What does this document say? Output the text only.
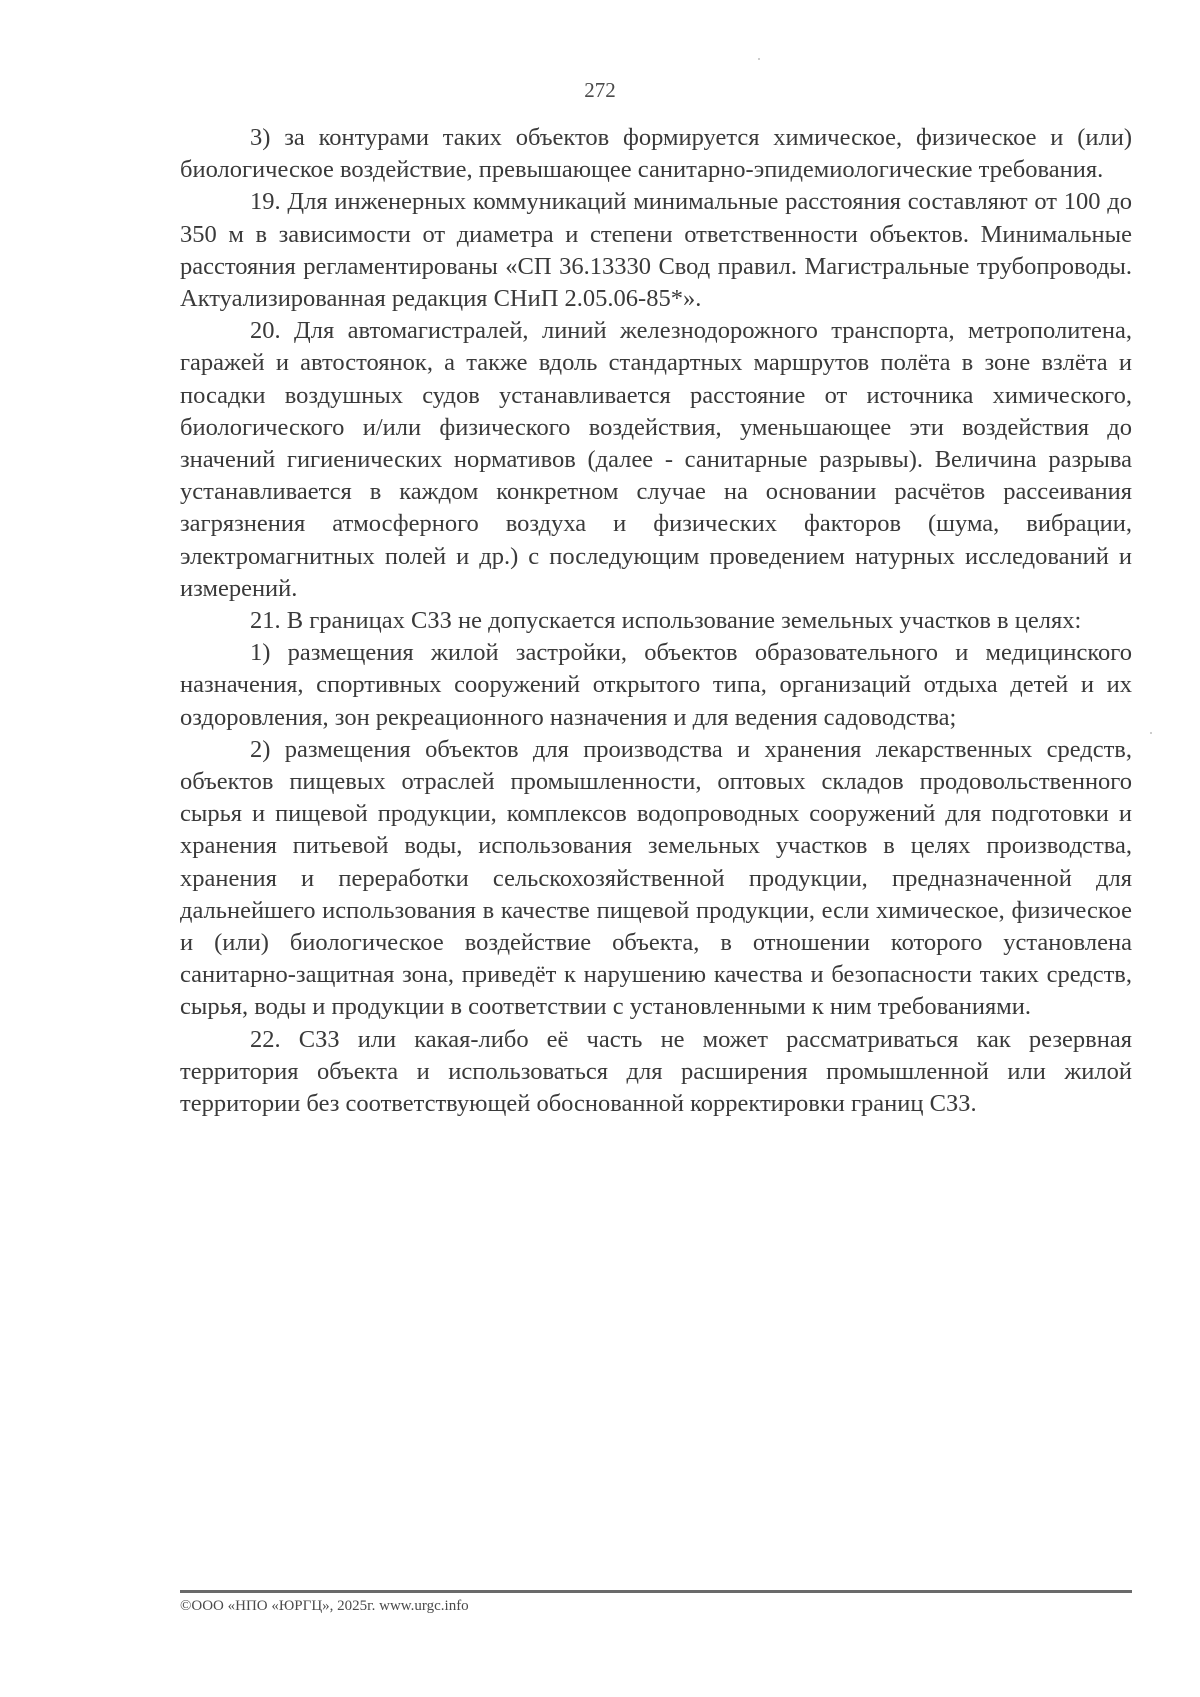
272

3) за контурами таких объектов формируется химическое, физическое и (или) биологическое воздействие, превышающее санитарно-эпидемиологические требования.

19. Для инженерных коммуникаций минимальные расстояния составляют от 100 до 350 м в зависимости от диаметра и степени ответственности объектов. Минимальные расстояния регламентированы «СП 36.13330 Свод правил. Магистральные трубопроводы. Актуализированная редакция СНиП 2.05.06-85*».

20. Для автомагистралей, линий железнодорожного транспорта, метрополитена, гаражей и автостоянок, а также вдоль стандартных маршрутов полёта в зоне взлёта и посадки воздушных судов устанавливается расстояние от источника химического, биологического и/или физического воздействия, уменьшающее эти воздействия до значений гигиенических нормативов (далее - санитарные разрывы). Величина разрыва устанавливается в каждом конкретном случае на основании расчётов рассеивания загрязнения атмосферного воздуха и физических факторов (шума, вибрации, электромагнитных полей и др.) с последующим проведением натурных исследований и измерений.

21. В границах СЗЗ не допускается использование земельных участков в целях:

1) размещения жилой застройки, объектов образовательного и медицинского назначения, спортивных сооружений открытого типа, организаций отдыха детей и их оздоровления, зон рекреационного назначения и для ведения садоводства;

2) размещения объектов для производства и хранения лекарственных средств, объектов пищевых отраслей промышленности, оптовых складов продовольственного сырья и пищевой продукции, комплексов водопроводных сооружений для подготовки и хранения питьевой воды, использования земельных участков в целях производства, хранения и переработки сельскохозяйственной продукции, предназначенной для дальнейшего использования в качестве пищевой продукции, если химическое, физическое и (или) биологическое воздействие объекта, в отношении которого установлена санитарно-защитная зона, приведёт к нарушению качества и безопасности таких средств, сырья, воды и продукции в соответствии с установленными к ним требованиями.

22. СЗЗ или какая-либо её часть не может рассматриваться как резервная территория объекта и использоваться для расширения промышленной или жилой территории без соответствующей обоснованной корректировки границ СЗЗ.

©ООО «НПО «ЮРГЦ», 2025г. www.urgc.info
